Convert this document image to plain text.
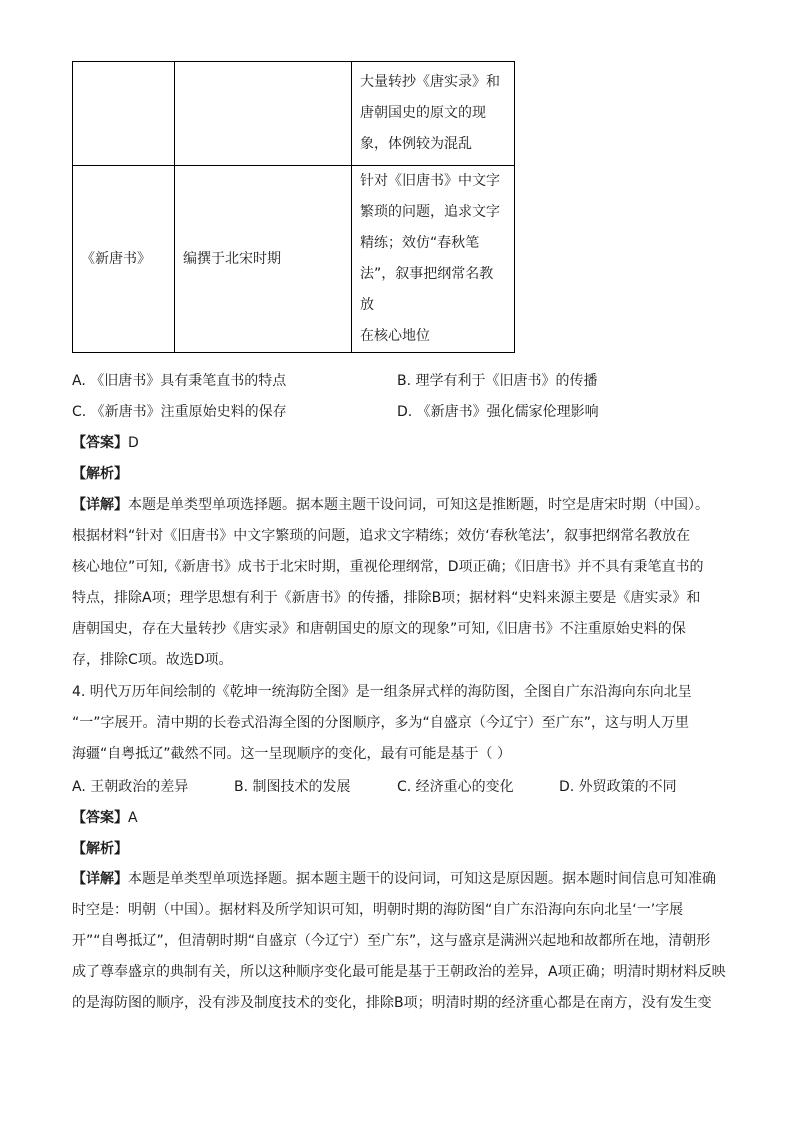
		大量转抄《唐实录》和
唐朝国史的原文的现
象，体例较为混乱

《新唐书》	编撰于北宋时期	针对《旧唐书》中文字
繁琐的问题，追求文字
精练；效仿“春秋笔
法”，叙事把纲常名教放
在核心地位
A. 《旧唐书》具有秉笔直书的特点	B. 理学有利于《旧唐书》的传播
C. 《新唐书》注重原始史料的保存	D. 《新唐书》强化儒家伦理影响
【答案】D
【解析】
【详解】本题是单类型单项选择题。据本题主题干设问词，可知这是推断题，时空是唐宋时期（中国）。
根据材料“针对《旧唐书》中文字繁琐的问题，追求文字精练；效仿‘春秋笔法’，叙事把纲常名教放在
核心地位”可知,《新唐书》成书于北宋时期，重视伦理纲常，D项正确；《旧唐书》并不具有秉笔直书的
特点，排除A项；理学思想有利于《新唐书》的传播，排除B项；据材料“史料来源主要是《唐实录》和
唐朝国史，存在大量转抄《唐实录》和唐朝国史的原文的现象”可知,《旧唐书》不注重原始史料的保
存，排除C项。故选D项。
4. 明代万历年间绘制的《乾坤一统海防全图》是一组条屏式样的海防图，全图自广东沿海向东向北呈
“一”字展开。清中期的长卷式沿海全图的分图顺序，多为“自盛京（今辽宁）至广东”，这与明人万里
海疆“自粤抵辽”截然不同。这一呈现顺序的变化，最有可能是基于（ ）
A. 王朝政治的差异	B. 制图技术的发展	C. 经济重心的变化	D. 外贸政策的不同
【答案】A
【解析】
【详解】本题是单类型单项选择题。据本题主题干的设问词，可知这是原因题。据本题时间信息可知准确
时空是：明朝（中国）。据材料及所学知识可知，明朝时期的海防图“自广东沿海向东向北呈‘一’字展
开”“自粤抵辽”，但清朝时期“自盛京（今辽宁）至广东”，这与盛京是满洲兴起地和故都所在地，清朝形
成了尊奉盛京的典制有关，所以这种顺序变化最可能是基于王朝政治的差异，A项正确；明清时期材料反映
的是海防图的顺序，没有涉及制度技术的变化，排除B项；明清时期的经济重心都是在南方，没有发生变
